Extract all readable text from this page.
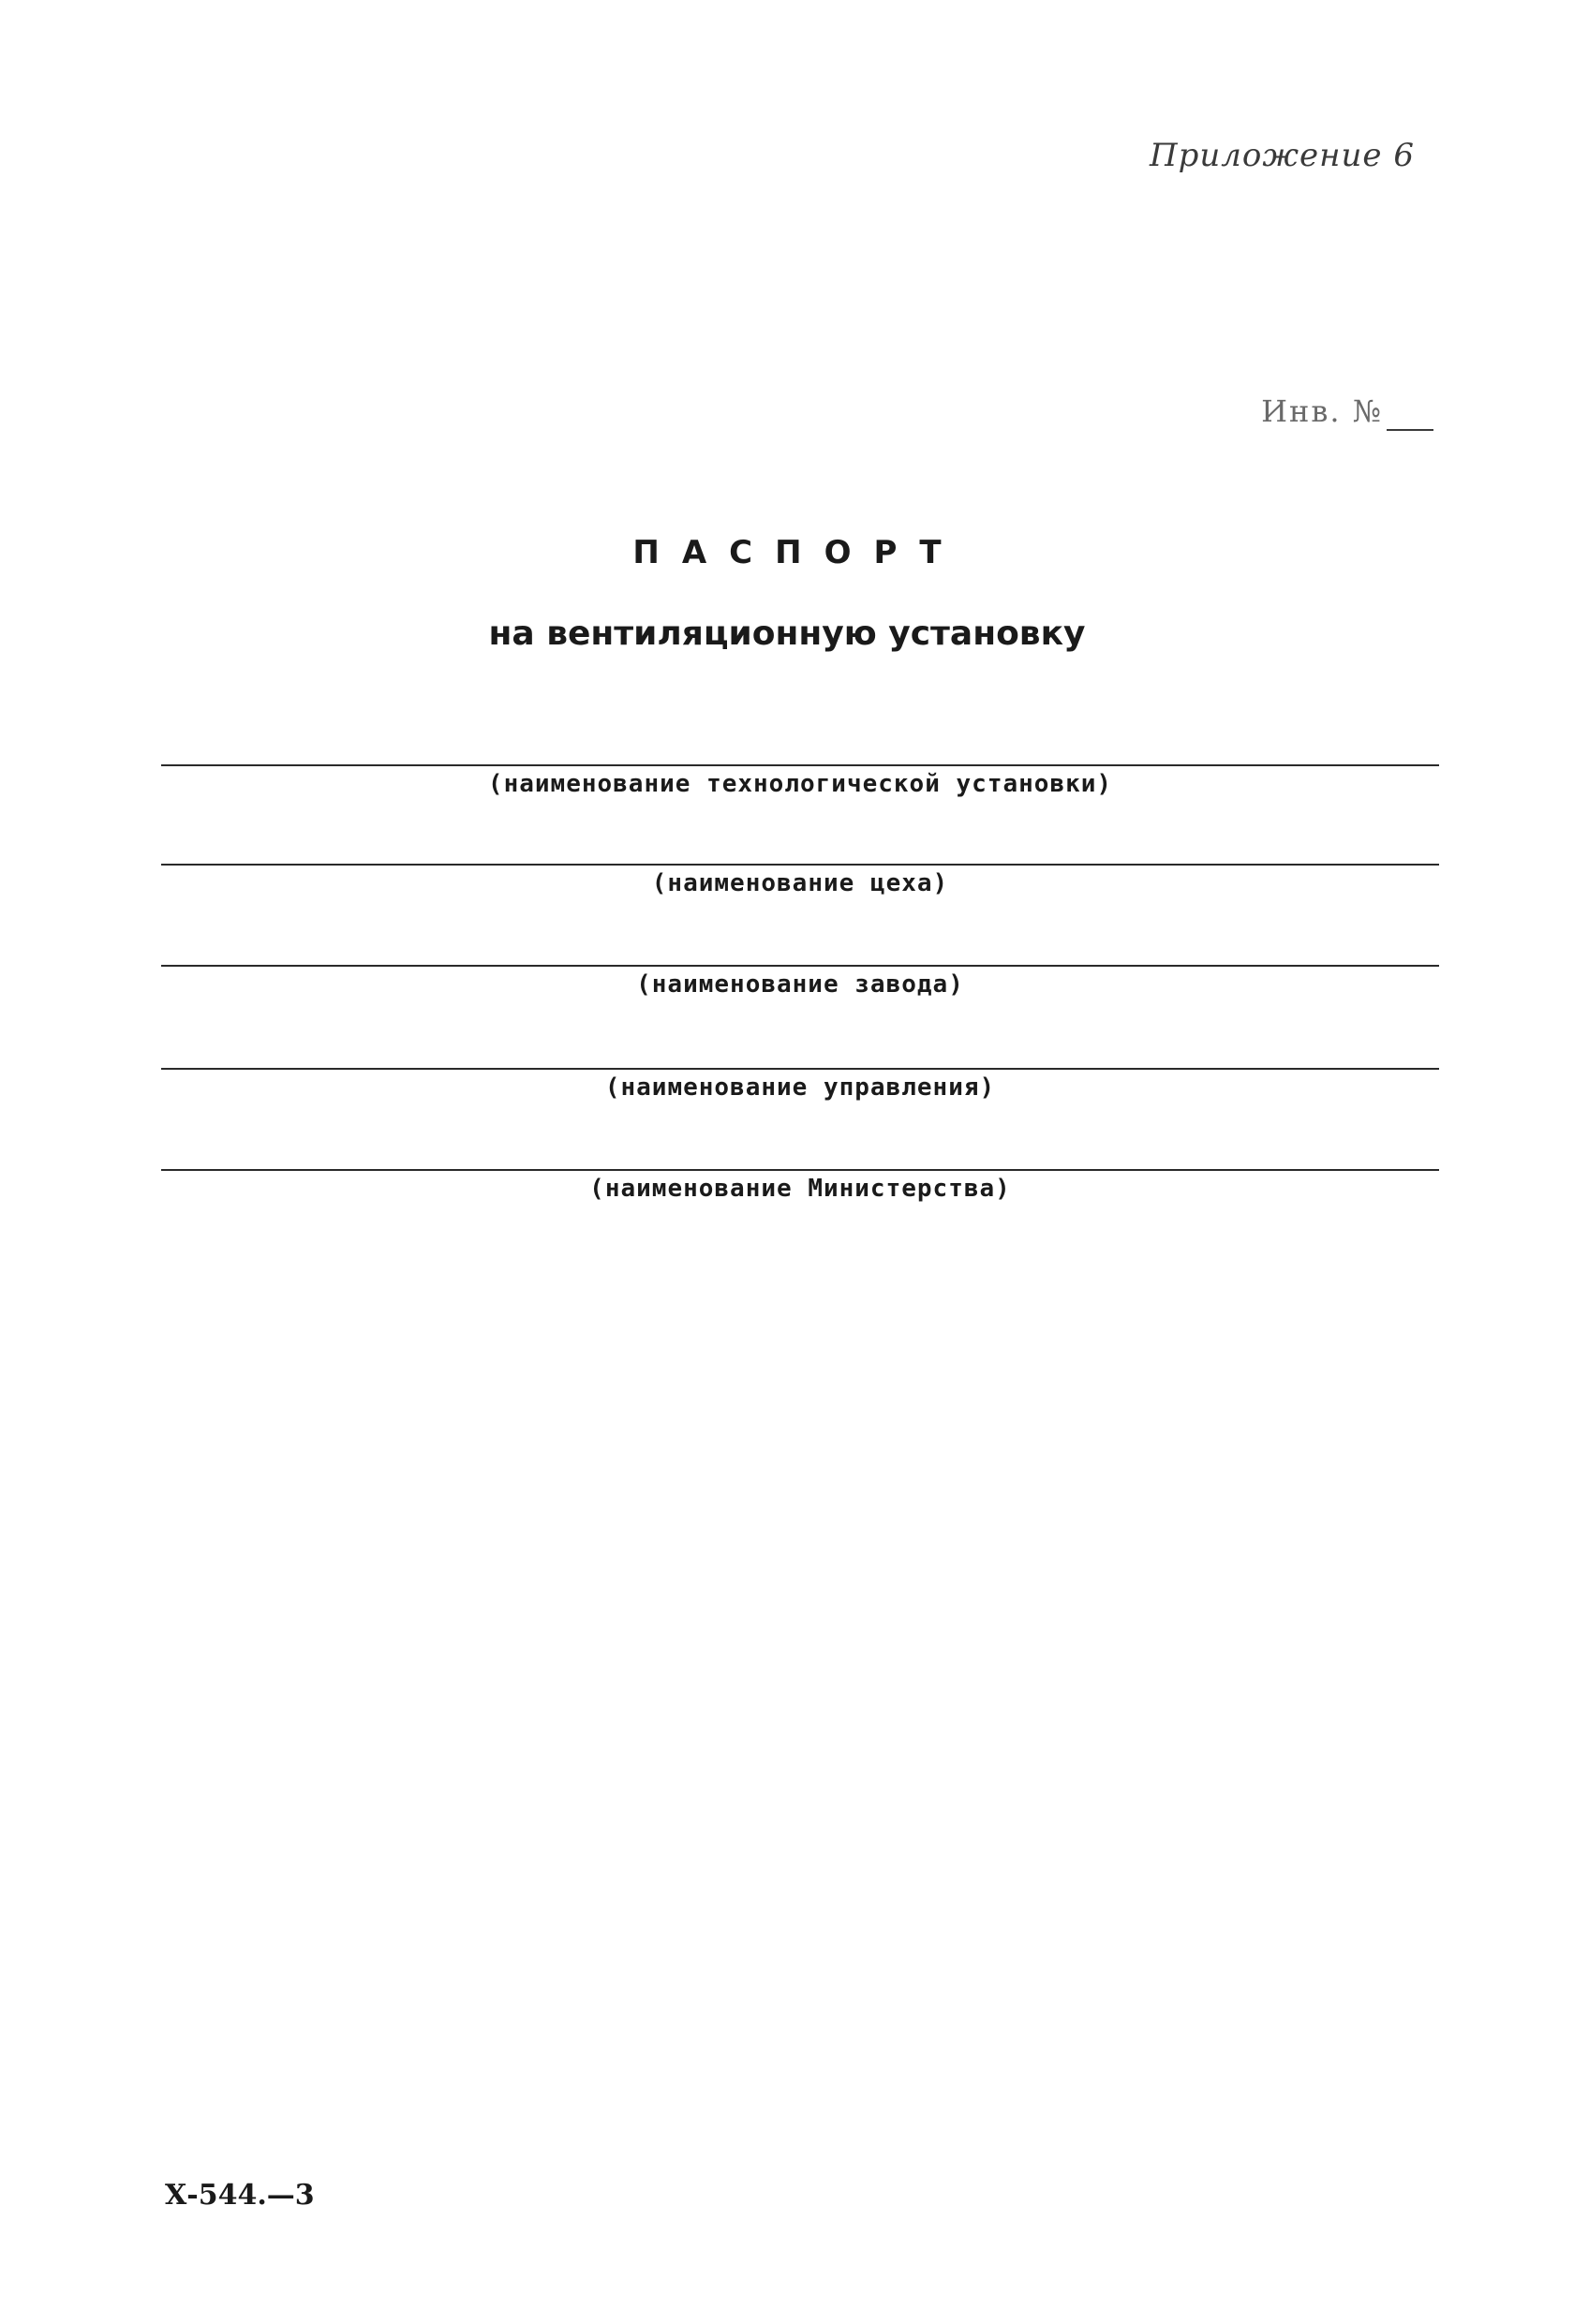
Приложение 6
Инв. №
ПАСПОРТ
на вентиляционную установку
(наименование технологической установки)
(наименование цеха)
(наименование завода)
(наименование управления)
(наименование Министерства)
Х-544.—3
